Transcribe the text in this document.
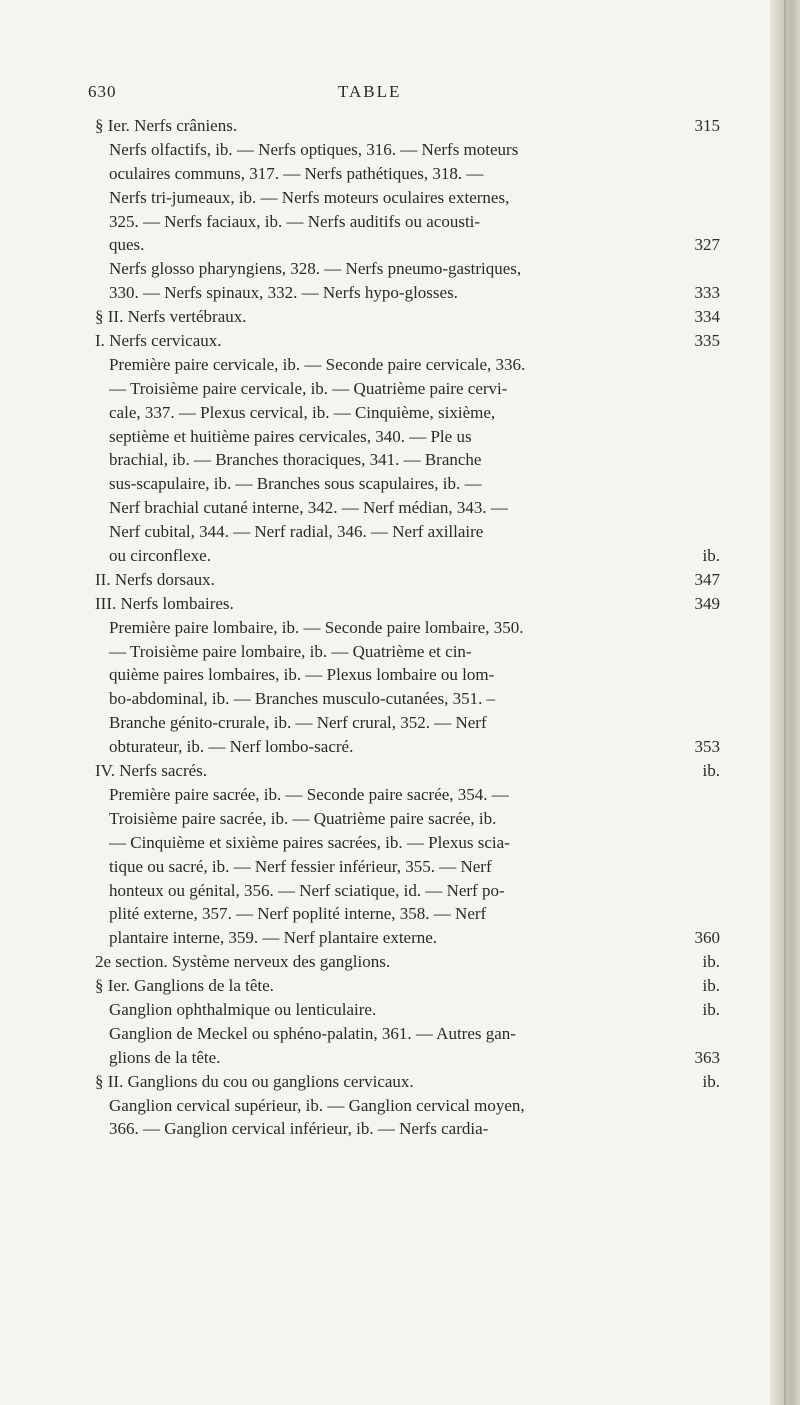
630	TABLE
§ Ier. Nerfs crâniens.	315
Nerfs olfactifs, ib. — Nerfs optiques, 316. — Nerfs moteurs
oculaires communs, 317. — Nerfs pathétiques, 318. —
Nerfs tri-jumeaux, ib. — Nerfs moteurs oculaires externes,
325. — Nerfs faciaux, ib. — Nerfs auditifs ou acousti-
ques.	327
Nerfs glosso pharyngiens, 328. — Nerfs pneumo-gastriques,
330. — Nerfs spinaux, 332. — Nerfs hypo-glosses.	333
§ II. Nerfs vertébraux.	334
I. Nerfs cervicaux.	335
Première paire cervicale, ib. — Seconde paire cervicale, 336.
— Troisième paire cervicale, ib. — Quatrième paire cervi-
cale, 337. — Plexus cervical, ib. — Cinquième, sixième,
septième et huitième paires cervicales, 340. — Ple us
brachial, ib. — Branches thoraciques, 341. — Branche
sus-scapulaire, ib. — Branches sous scapulaires, ib. —
Nerf brachial cutané interne, 342. — Nerf médian, 343. —
Nerf cubital, 344. — Nerf radial, 346. — Nerf axillaire
ou circonflexe.	ib.
II. Nerfs dorsaux.	347
III. Nerfs lombaires.	349
Première paire lombaire, ib. — Seconde paire lombaire, 350.
— Troisième paire lombaire, ib. — Quatrième et cin-
quième paires lombaires, ib. — Plexus lombaire ou lom-
bo-abdominal, ib. — Branches musculo-cutanées, 351. –
Branche génito-crurale, ib. — Nerf crural, 352. — Nerf
obturateur, ib. — Nerf lombo-sacré.	353
IV. Nerfs sacrés.	ib.
Première paire sacrée, ib. — Seconde paire sacrée, 354. —
Troisième paire sacrée, ib. — Quatrième paire sacrée, ib.
— Cinquième et sixième paires sacrées, ib. — Plexus scia-
tique ou sacré, ib. — Nerf fessier inférieur, 355. — Nerf
honteux ou génital, 356. — Nerf sciatique, id. — Nerf po-
plité externe, 357. — Nerf poplité interne, 358. — Nerf
plantaire interne, 359. — Nerf plantaire externe.	360
2e section. Système nerveux des ganglions.	ib.
§ Ier. Ganglions de la tête.	ib.
Ganglion ophthalmique ou lenticulaire.	ib.
Ganglion de Meckel ou sphéno-palatin, 361. — Autres gan-
glions de la tête.	363
§ II. Ganglions du cou ou ganglions cervicaux.	ib.
Ganglion cervical supérieur, ib. — Ganglion cervical moyen,
366. — Ganglion cervical inférieur, ib. — Nerfs cardia-
